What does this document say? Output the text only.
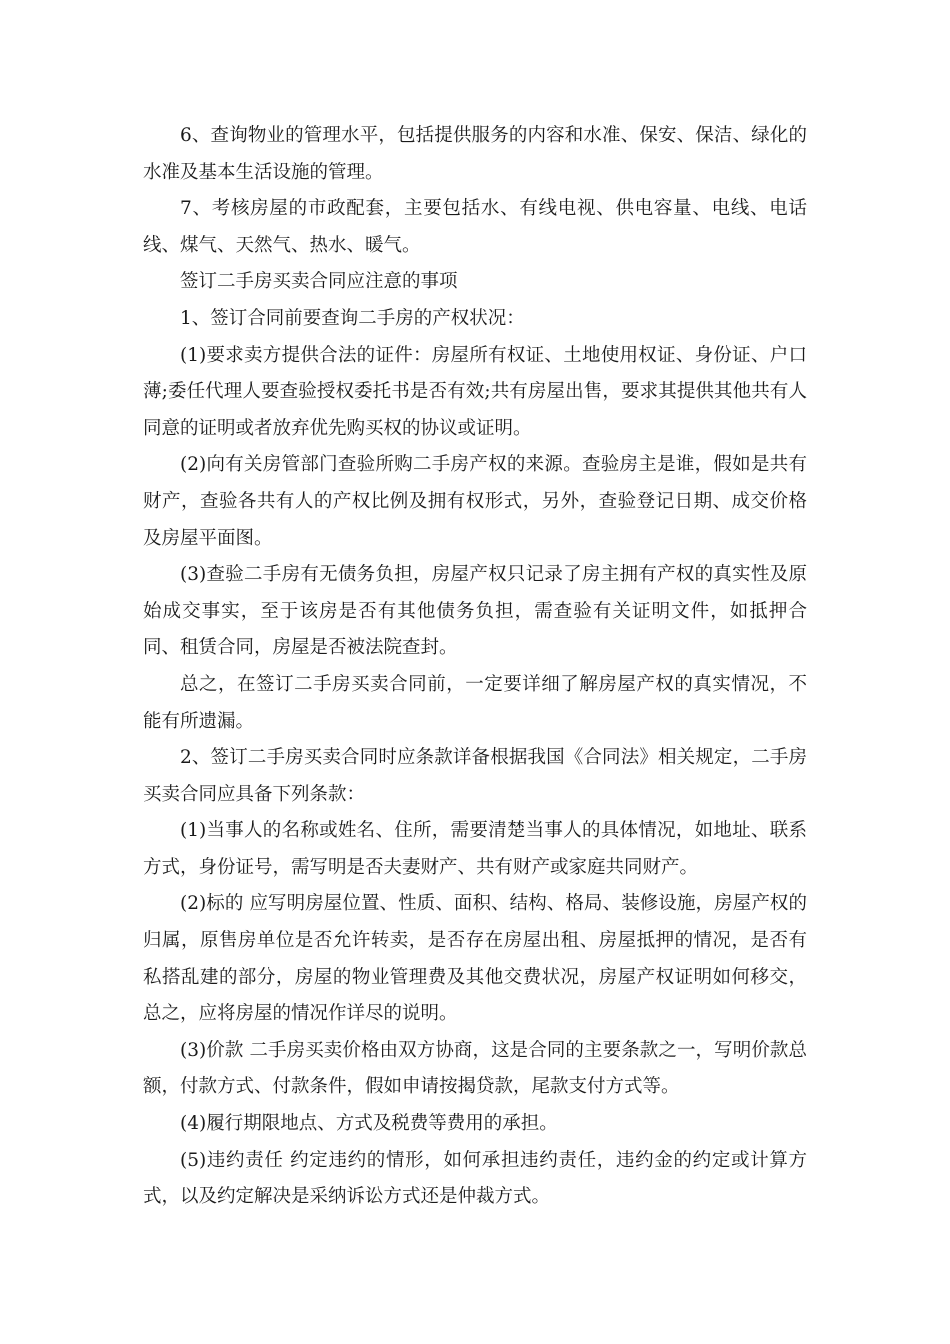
6、查询物业的管理水平，包括提供服务的内容和水准、保安、保洁、绿化的水准及基本生活设施的管理。

7、考核房屋的市政配套，主要包括水、有线电视、供电容量、电线、电话线、煤气、天然气、热水、暖气。

签订二手房买卖合同应注意的事项

1、签订合同前要查询二手房的产权状况：

(1)要求卖方提供合法的证件：房屋所有权证、土地使用权证、身份证、户口薄;委任代理人要查验授权委托书是否有效;共有房屋出售，要求其提供其他共有人同意的证明或者放弃优先购买权的协议或证明。

(2)向有关房管部门查验所购二手房产权的来源。查验房主是谁，假如是共有财产，查验各共有人的产权比例及拥有权形式，另外，查验登记日期、成交价格及房屋平面图。

(3)查验二手房有无债务负担，房屋产权只记录了房主拥有产权的真实性及原始成交事实，至于该房是否有其他债务负担，需查验有关证明文件，如抵押合同、租赁合同，房屋是否被法院查封。

总之，在签订二手房买卖合同前，一定要详细了解房屋产权的真实情况，不能有所遗漏。

2、签订二手房买卖合同时应条款详备根据我国《合同法》相关规定，二手房买卖合同应具备下列条款：

(1)当事人的名称或姓名、住所，需要清楚当事人的具体情况，如地址、联系方式，身份证号，需写明是否夫妻财产、共有财产或家庭共同财产。

(2)标的 应写明房屋位置、性质、面积、结构、格局、装修设施，房屋产权的归属，原售房单位是否允许转卖，是否存在房屋出租、房屋抵押的情况，是否有私搭乱建的部分，房屋的物业管理费及其他交费状况，房屋产权证明如何移交，总之，应将房屋的情况作详尽的说明。

(3)价款 二手房买卖价格由双方协商，这是合同的主要条款之一，写明价款总额，付款方式、付款条件，假如申请按揭贷款，尾款支付方式等。

(4)履行期限地点、方式及税费等费用的承担。

(5)违约责任 约定违约的情形，如何承担违约责任，违约金的约定或计算方式，以及约定解决是采纳诉讼方式还是仲裁方式。
